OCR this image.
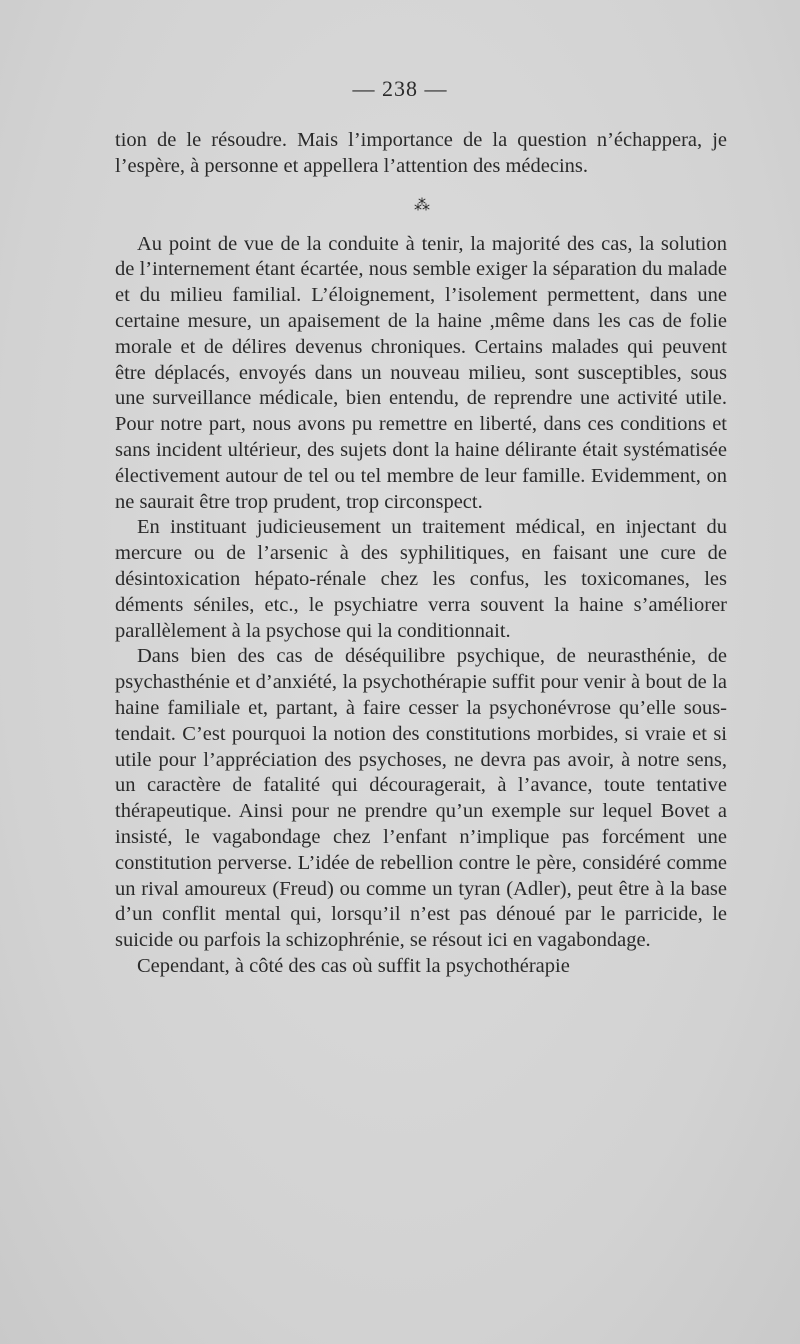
— 238 —

tion de le résoudre. Mais l’importance de la question n’échappera, je l’espère, à personne et appellera l’attention des médecins.

⁂

Au point de vue de la conduite à tenir, la majorité des cas, la solution de l’internement étant écartée, nous semble exiger la séparation du malade et du milieu familial. L’éloignement, l’isolement permettent, dans une certaine mesure, un apaisement de la haine ,même dans les cas de folie morale et de délires devenus chroniques. Certains malades qui peuvent être déplacés, envoyés dans un nouveau milieu, sont susceptibles, sous une surveillance médicale, bien entendu, de reprendre une activité utile. Pour notre part, nous avons pu remettre en liberté, dans ces conditions et sans incident ultérieur, des sujets dont la haine délirante était systématisée électivement autour de tel ou tel membre de leur famille. Evidemment, on ne saurait être trop prudent, trop circonspect.

En instituant judicieusement un traitement médical, en injectant du mercure ou de l’arsenic à des syphilitiques, en faisant une cure de désintoxication hépato-rénale chez les confus, les toxicomanes, les déments séniles, etc., le psychiatre verra souvent la haine s’améliorer parallèlement à la psychose qui la conditionnait.

Dans bien des cas de déséquilibre psychique, de neurasthénie, de psychasthénie et d’anxiété, la psychothérapie suffit pour venir à bout de la haine familiale et, partant, à faire cesser la psychonévrose qu’elle sous-tendait. C’est pourquoi la notion des constitutions morbides, si vraie et si utile pour l’appréciation des psychoses, ne devra pas avoir, à notre sens, un caractère de fatalité qui découragerait, à l’avance, toute tentative thérapeutique. Ainsi pour ne prendre qu’un exemple sur lequel Bovet a insisté, le vagabondage chez l’enfant n’implique pas forcément une constitution perverse. L’idée de rebellion contre le père, considéré comme un rival amoureux (Freud) ou comme un tyran (Adler), peut être à la base d’un conflit mental qui, lorsqu’il n’est pas dénoué par le parricide, le suicide ou parfois la schizophrénie, se résout ici en vagabondage.

Cependant, à côté des cas où suffit la psychothérapie
